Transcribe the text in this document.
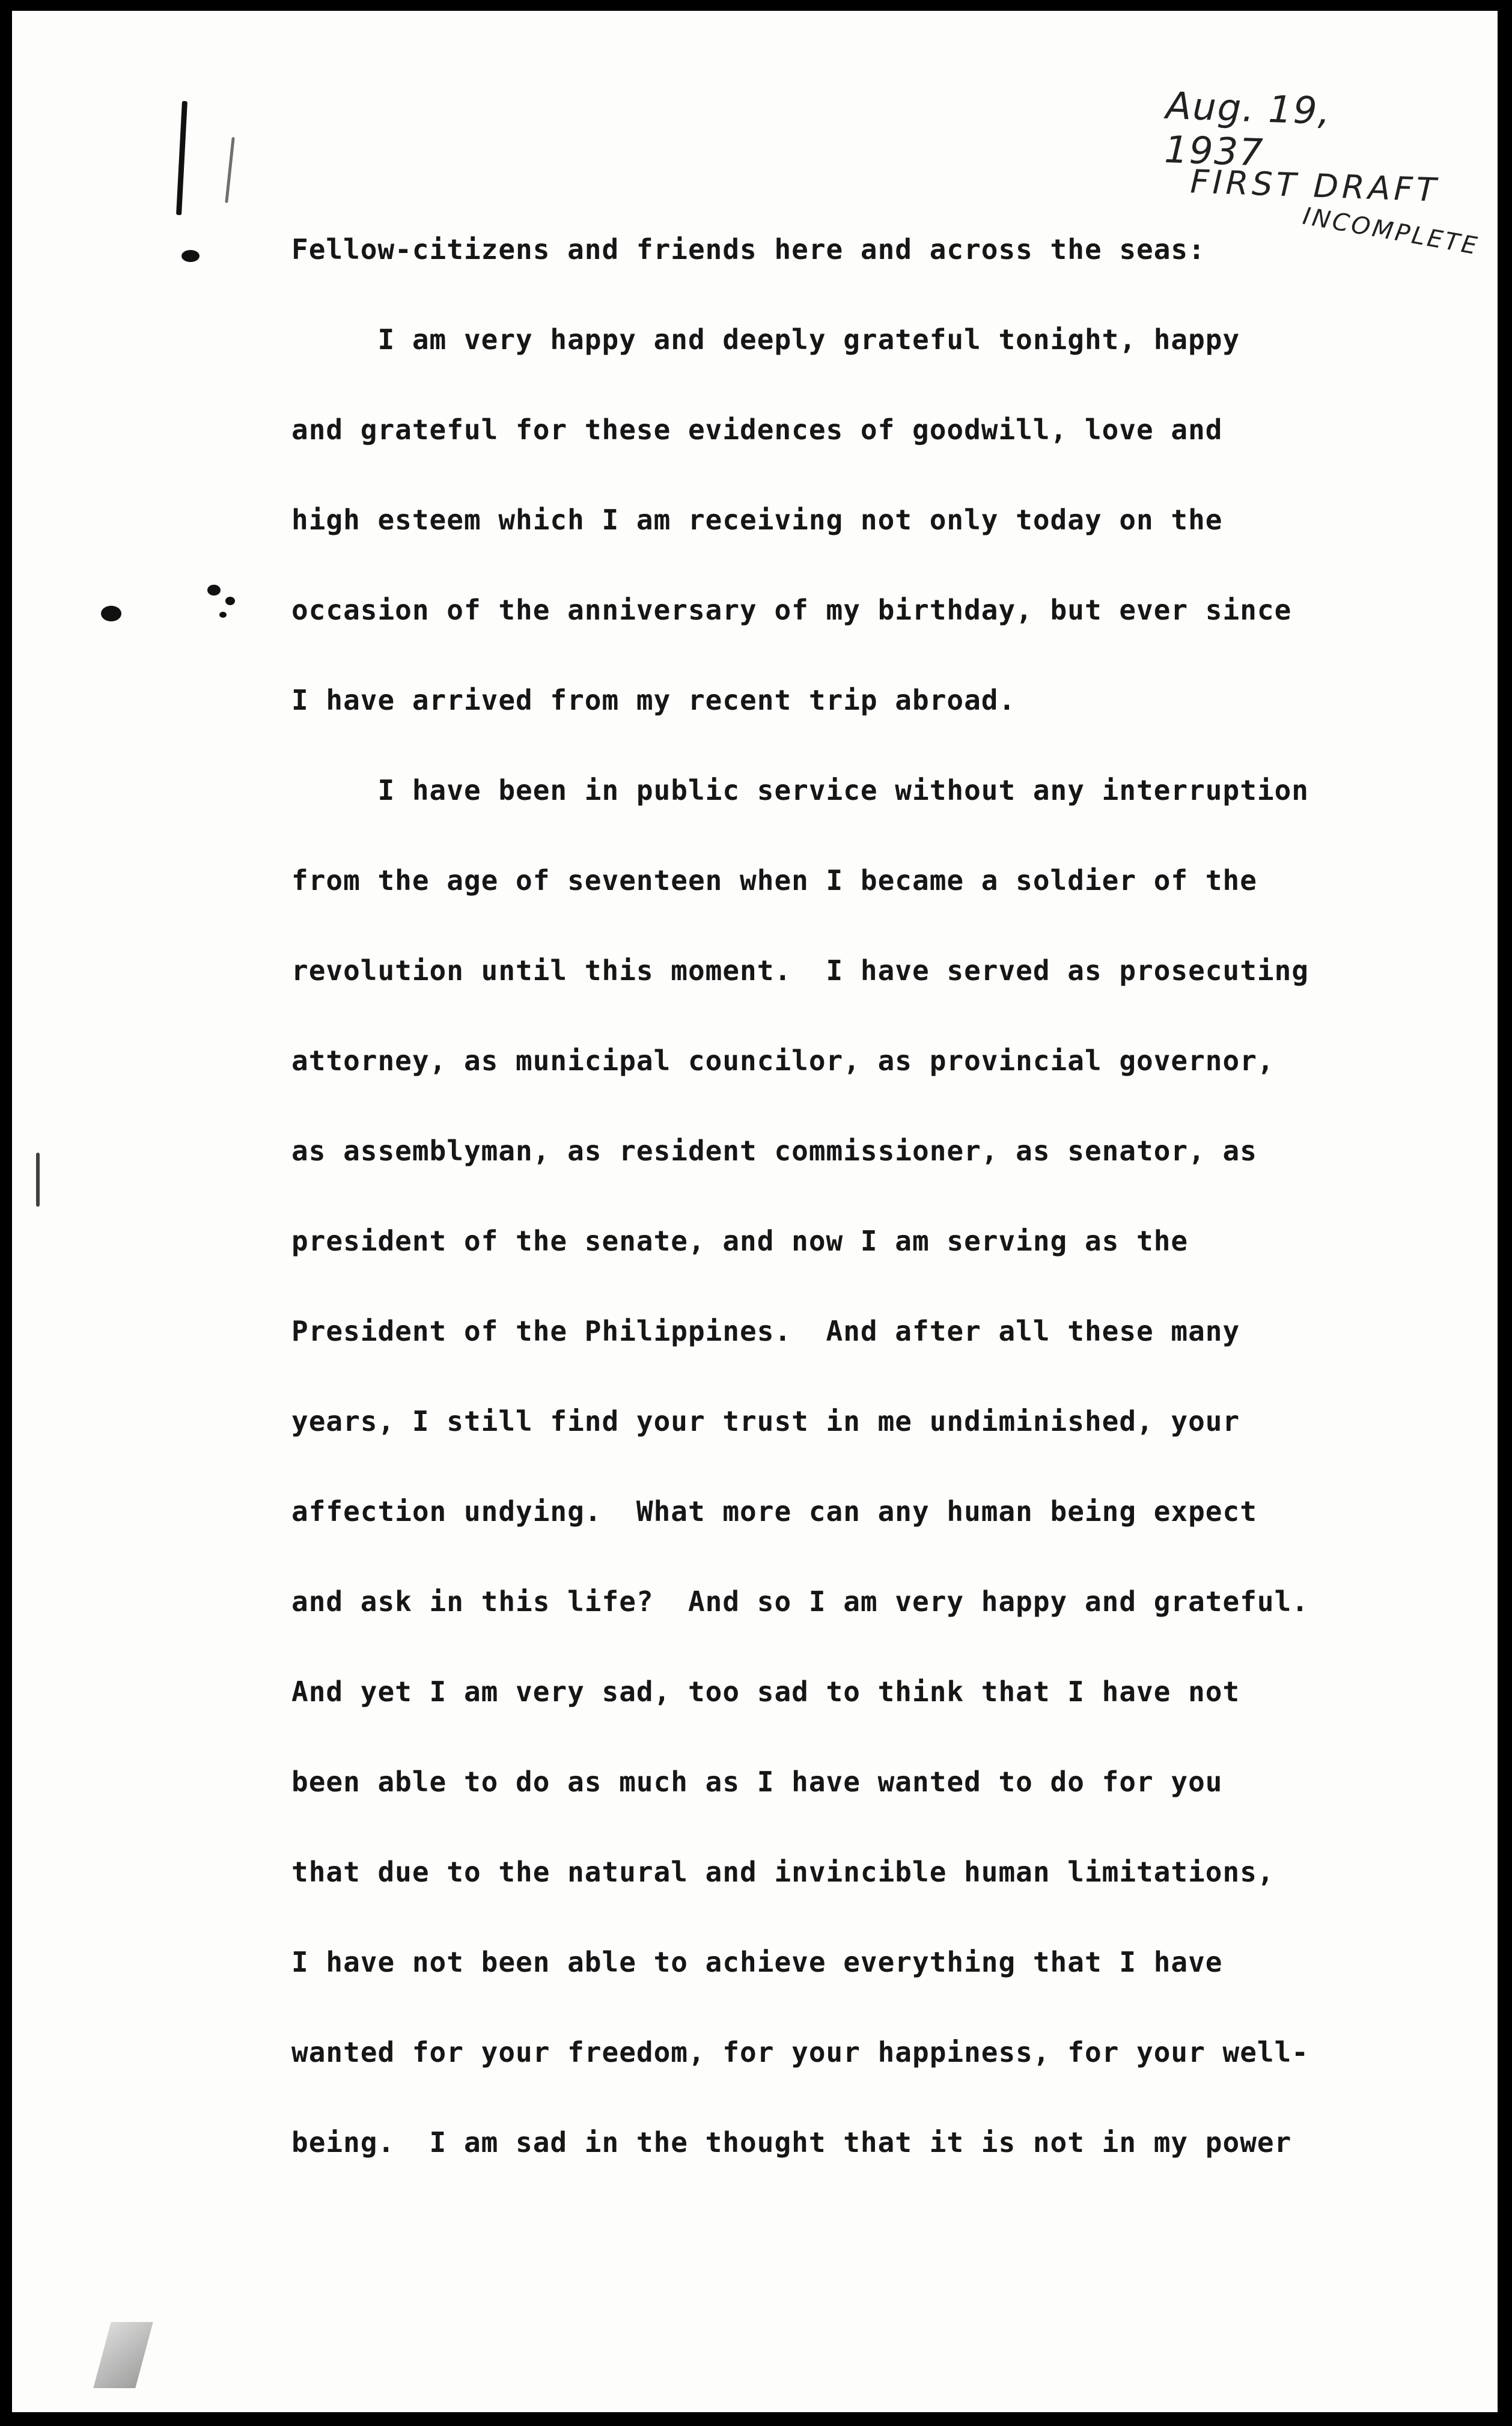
Aug. 19, 1937
FIRST DRAFT
INCOMPLETE
Fellow-citizens and friends here and across the seas:
I am very happy and deeply grateful tonight, happy
and grateful for these evidences of goodwill, love and
high esteem which I am receiving not only today on the
occasion of the anniversary of my birthday, but ever since
I have arrived from my recent trip abroad.
I have been in public service without any interruption
from the age of seventeen when I became a soldier of the
revolution until this moment.  I have served as prosecuting
attorney, as municipal councilor, as provincial governor,
as assemblyman, as resident commissioner, as senator, as
president of the senate, and now I am serving as the
President of the Philippines.  And after all these many
years, I still find your trust in me undiminished, your
affection undying.  What more can any human being expect
and ask in this life?  And so I am very happy and grateful.
And yet I am very sad, too sad to think that I have not
been able to do as much as I have wanted to do for you
that due to the natural and invincible human limitations,
I have not been able to achieve everything that I have
wanted for your freedom, for your happiness, for your well-
being.  I am sad in the thought that it is not in my power
